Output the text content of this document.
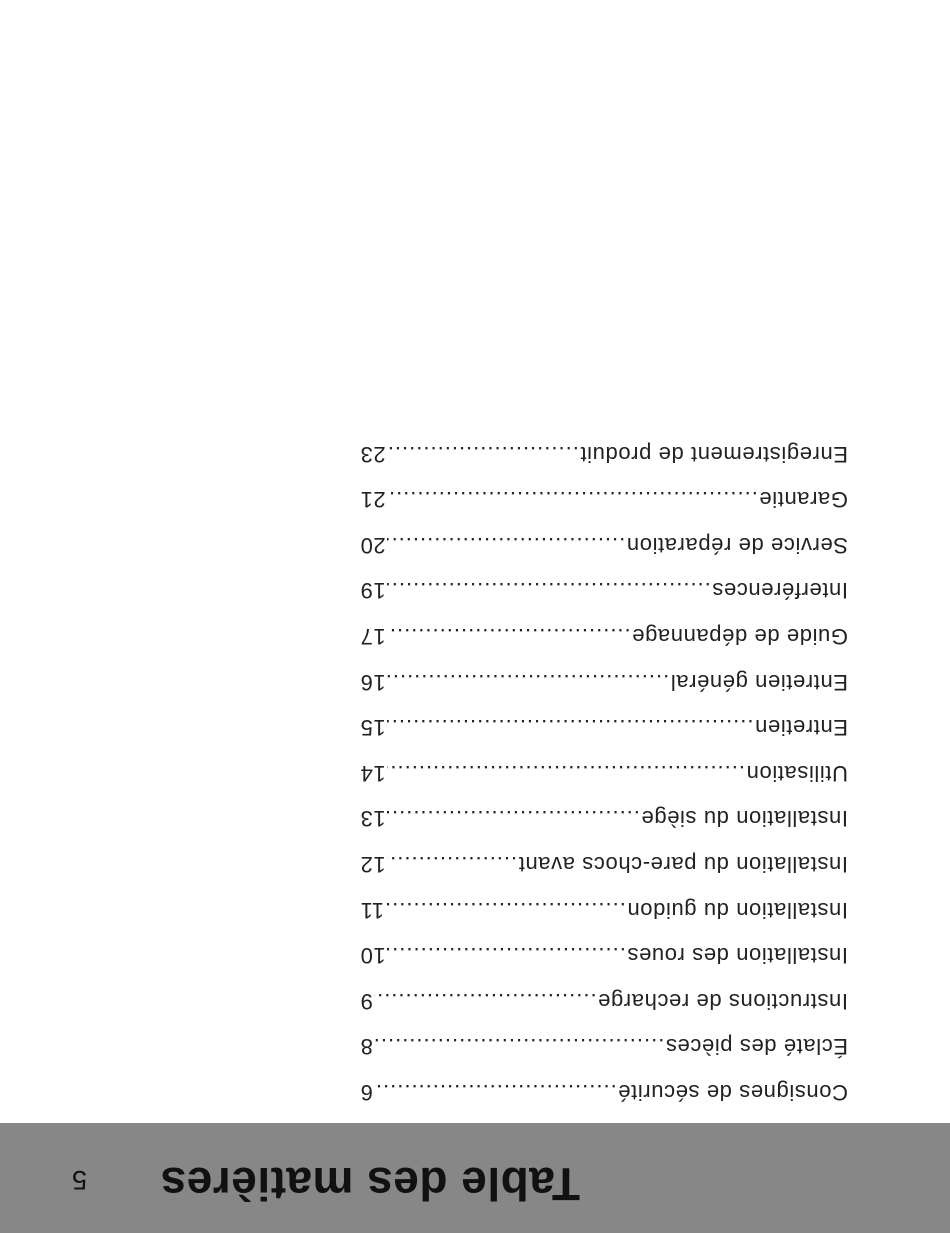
Table des matières
5
Consignes de sécurité
.....
6
Éclaté des pièces
.....
8
Instructions de recharge
.....
9
Installation des roues
.....
10
Installation du guidon
.....
11
Installation du pare-chocs avant
.....
12
Installation du siège
.....
13
Utilisation
.....
14
Entretien
.....
15
Entretien général
.....
16
Guide de dépannage
.....
17
Interférences
.....
19
Service de réparation
.....
20
Garantie
.....
21
Enregistrement de produit
.....
23
